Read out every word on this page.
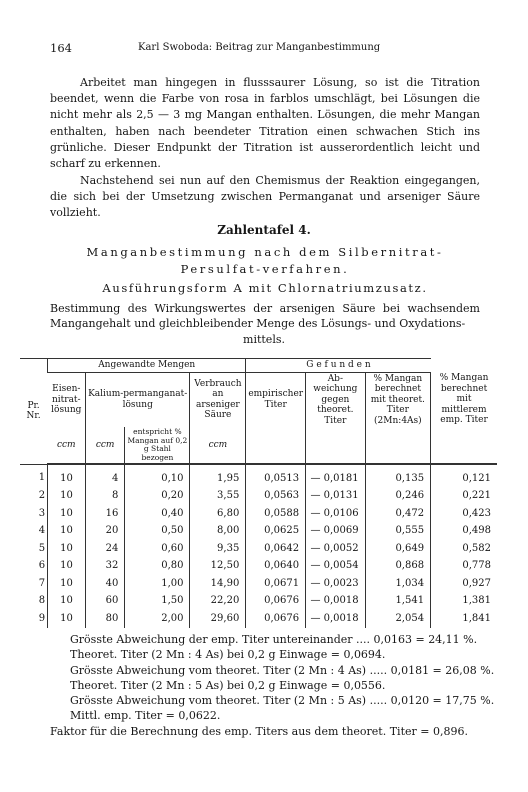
164	Karl Swoboda: Beitrag zur Manganbestimmung
Arbeitet man hingegen in flusssaurer Lösung, so ist die Titration beendet, wenn die Farbe von rosa in farblos umschlägt, bei Lösungen die nicht mehr als 2,5 — 3 mg Mangan enthalten. Lösungen, die mehr Mangan enthalten, haben nach beendeter Titration einen schwachen Stich ins grünliche. Dieser Endpunkt der Titration ist ausserordentlich leicht und scharf zu erkennen.
Nachstehend sei nun auf den Chemismus der Reaktion eingegangen, die sich bei der Umsetzung zwischen Permanganat und arseniger Säure vollzieht.
Zahlentafel 4.
Manganbestimmung nach dem Silbernitrat-Persulfat-verfahren.
Ausführungsform A mit Chlornatriumzusatz.
Bestimmung des Wirkungswertes der arsenigen Säure bei wachsendem Mangangehalt und gleichbleibender Menge des Lösungs- und Oxydations-
mittels.
Pr. Nr.	Angewandte Mengen				G e f u n d e n			
	Eisen-nitrat-lösung	Kalium-permanganat-lösung		Verbrauch an arseniger Säure	empirischer Titer	Ab-weichung gegen theoret. Titer	% Mangan berechnet mit theoret. Titer (2Mn:4As)	% Mangan berechnet mit mittlerem emp. Titer
	ccm	ccm	entspricht % Mangan auf 0,2 g Stahl bezogen	ccm				
1	10	4	0,10	1,95	0,0513	— 0,0181	0,135	0,121
2	10	8	0,20	3,55	0,0563	— 0,0131	0,246	0,221
3	10	16	0,40	6,80	0,0588	— 0,0106	0,472	0,423
4	10	20	0,50	8,00	0,0625	— 0,0069	0,555	0,498
5	10	24	0,60	9,35	0,0642	— 0,0052	0,649	0,582
6	10	32	0,80	12,50	0,0640	— 0,0054	0,868	0,778
7	10	40	1,00	14,90	0,0671	— 0,0023	1,034	0,927
8	10	60	1,50	22,20	0,0676	— 0,0018	1,541	1,381
9	10	80	2,00	29,60	0,0676	— 0,0018	2,054	1,841
Grösste Abweichung der emp. Titer untereinander .... 0,0163 = 24,11 %.
Theoret. Titer (2 Mn : 4 As) bei 0,2 g Einwage = 0,0694.
Grösste Abweichung vom theoret. Titer (2 Mn : 4 As) ..... 0,0181 = 26,08 %.
Theoret. Titer (2 Mn : 5 As) bei 0,2 g Einwage = 0,0556.
Grösste Abweichung vom theoret. Titer (2 Mn : 5 As) ..... 0,0120 = 17,75 %.
Mittl. emp. Titer = 0,0622.
Faktor für die Berechnung des emp. Titers aus dem theoret. Titer = 0,896.
